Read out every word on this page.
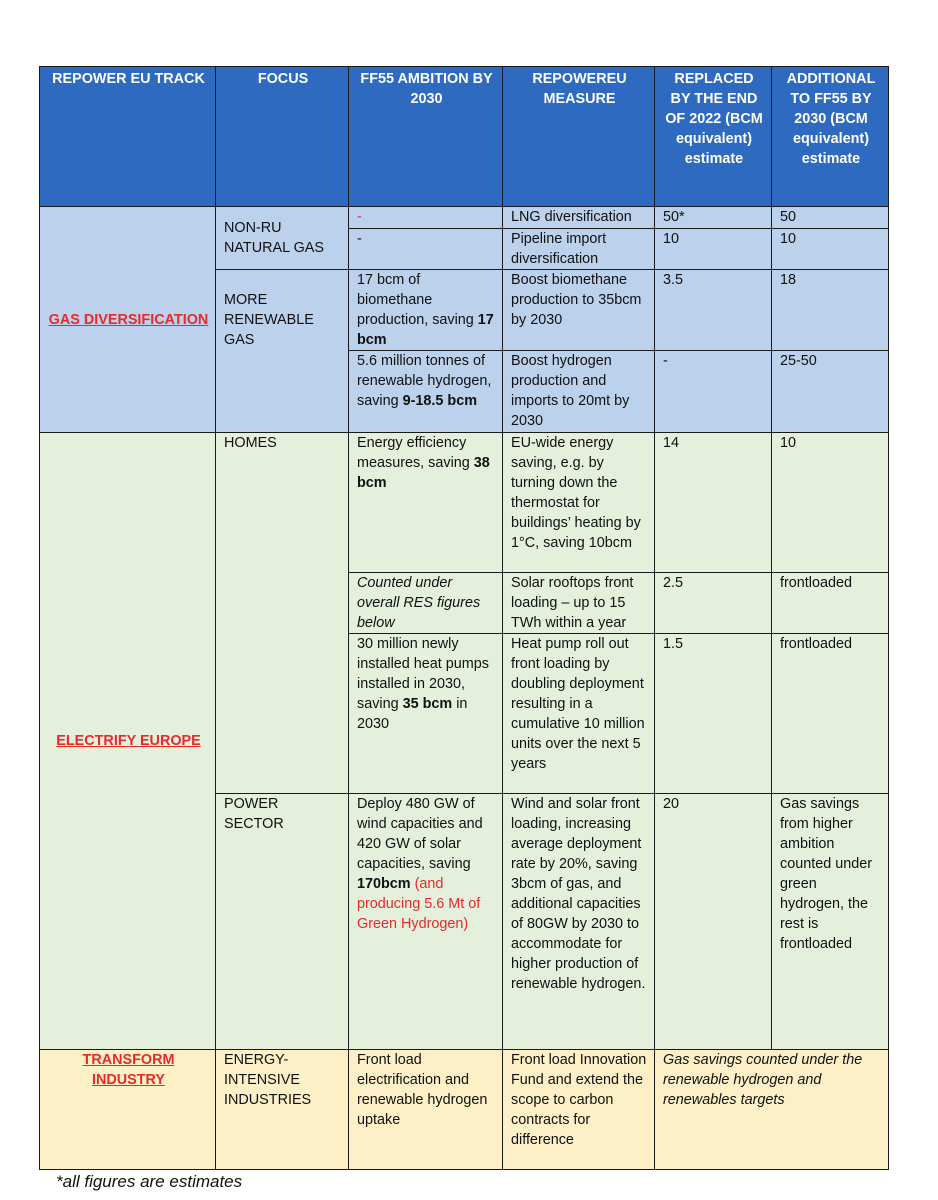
REPOWER EU TRACK	FOCUS	FF55 AMBITION BY 2030	REPOWEREU MEASURE	REPLACED BY THE END OF 2022 (BCM equivalent) estimate	ADDITIONAL TO FF55 BY 2030 (BCM equivalent) estimate
GAS DIVERSIFICATION	NON-RU NATURAL GAS	-	LNG diversification	50*	50
		-	Pipeline import diversification	10	10
	MORE RENEWABLE GAS	17 bcm of biomethane production, saving 17 bcm	Boost biomethane production to 35bcm by 2030	3.5	18
		5.6 million tonnes of renewable hydrogen, saving 9-18.5 bcm	Boost hydrogen production and imports to 20mt by 2030	-	25-50
ELECTRIFY EUROPE	HOMES	Energy efficiency measures, saving 38 bcm	EU-wide energy saving, e.g. by turning down the thermostat for buildings’ heating by 1°C, saving 10bcm	14	10
		Counted under overall RES figures below	Solar rooftops front loading – up to 15 TWh within a year	2.5	frontloaded
		30 million newly installed heat pumps installed in 2030, saving 35 bcm in 2030	Heat pump roll out front loading by doubling deployment resulting in a cumulative 10 million units over the next 5 years	1.5	frontloaded
	POWER SECTOR	Deploy 480 GW of wind capacities and 420 GW of solar capacities, saving 170bcm (and producing 5.6 Mt of Green Hydrogen)	Wind and solar front loading, increasing average deployment rate by 20%, saving 3bcm of gas, and additional capacities of 80GW by 2030 to accommodate for higher production of renewable hydrogen.	20	Gas savings from higher ambition counted under green hydrogen, the rest is frontloaded
TRANSFORM INDUSTRY	ENERGY-INTENSIVE INDUSTRIES	Front load electrification and renewable hydrogen uptake	Front load Innovation Fund and extend the scope to carbon contracts for difference	Gas savings counted under the renewable hydrogen and renewables targets	
*all figures are estimates
